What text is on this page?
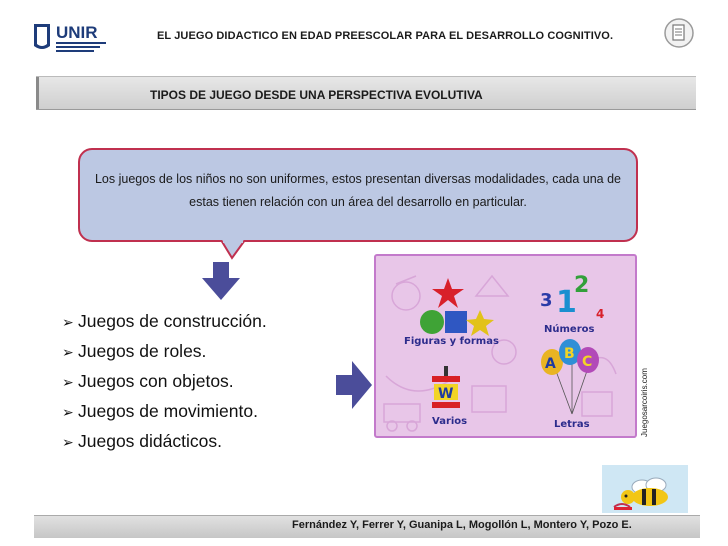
UNIR	EL JUEGO DIDACTICO EN EDAD PREESCOLAR PARA EL DESARROLLO COGNITIVO.
TIPOS DE JUEGO DESDE UNA PERSPECTIVA EVOLUTIVA
Los juegos de los niños no son uniformes, estos presentan diversas modalidades, cada una de estas tienen relación con un área del desarrollo en particular.
➢ Juegos de construcción.
➢ Juegos de roles.
➢ Juegos con objetos.
➢ Juegos de movimiento.
➢ Juegos didácticos.
W
3 1
2
4
A
B C
Figuras y formas
Números
Varios	Letras	Juegosarcoiris.com
Fernández Y, Ferrer Y, Guanipa L, Mogollón L, Montero Y, Pozo E.
